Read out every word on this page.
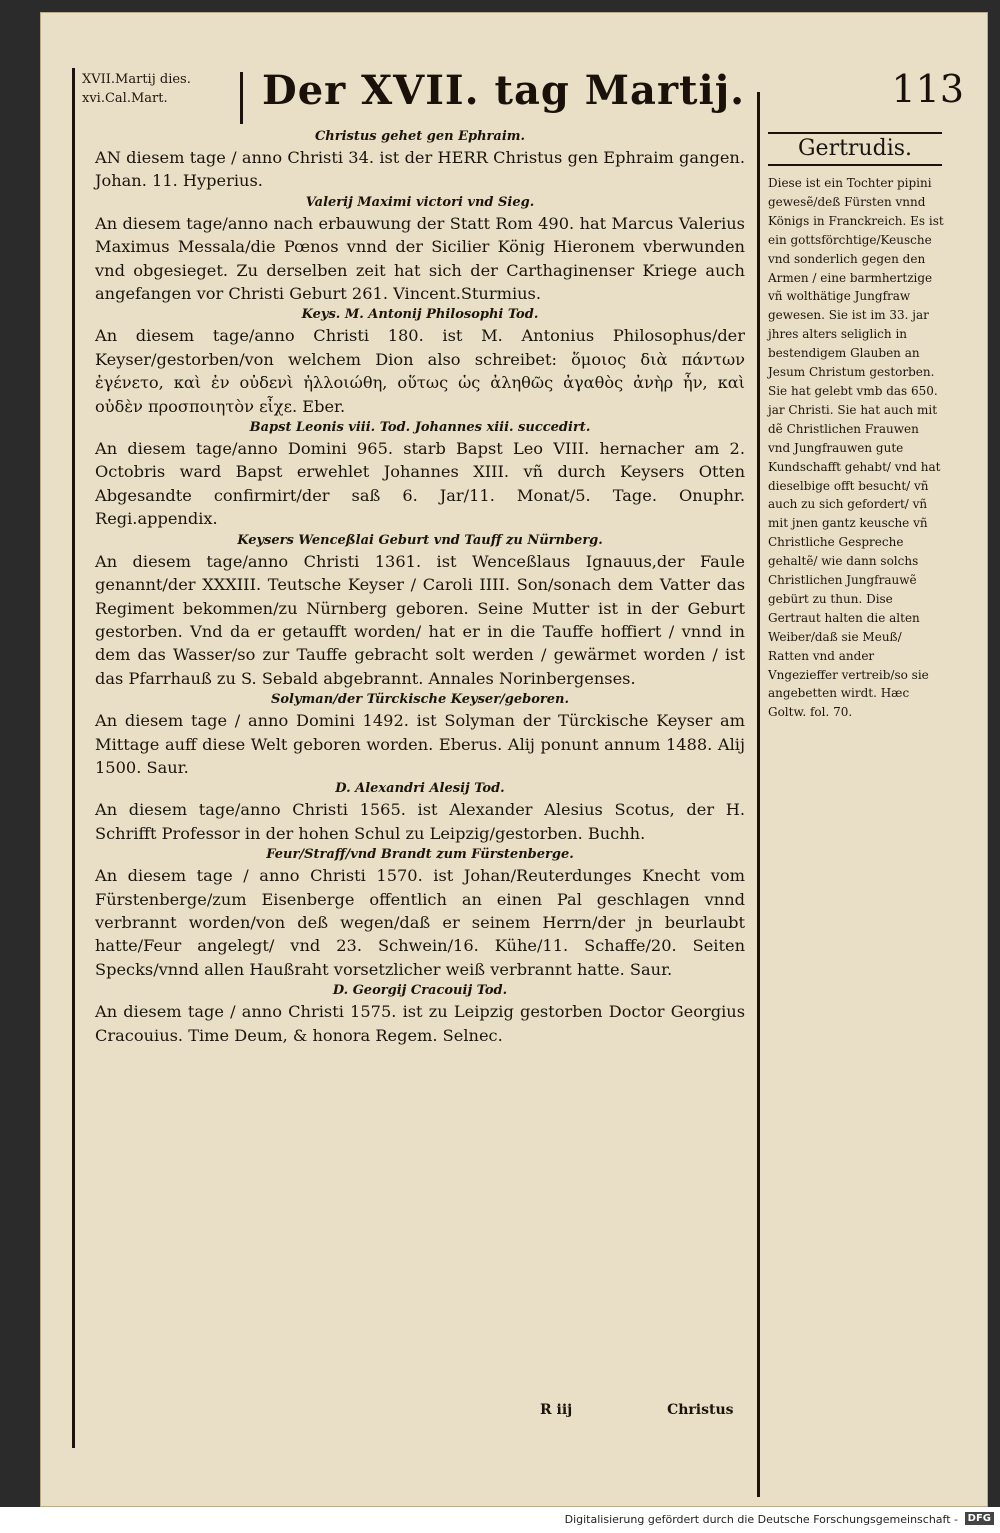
XVII.Martij dies.
xvi.Cal.Mart.	Der XVII. tag Martij.	113
Christus gehet gen Ephraim.
AN diesem tage / anno Christi 34. ist der HERR Christus gen Ephraim gangen. Johan. 11. Hyperius.
Valerij Maximi victori vnd Sieg.
An diesem tage/anno nach erbauwung der Statt Rom 490. hat Marcus Valerius Maximus Messala/die Pœnos vnnd der Sicilier König Hieronem vberwunden vnd obgesieget. Zu derselben zeit hat sich der Carthaginenser Kriege auch angefangen vor Christi Geburt 261. Vincent.Sturmius.
Keys. M. Antonij Philosophi Tod.
An diesem tage/anno Christi 180. ist M. Antonius Philosophus/der Keyser/gestorben/von welchem Dion also schreibet: ὅμοιος διὰ πάντων ἐγένετο, καὶ ἐν οὐδενὶ ἠλλοιώθη, οὕτως ὡς ἀληθῶς ἀγαθὸς ἀνὴρ ἦν, καὶ οὐδὲν προσποιητὸν εἶχε. Eber.
Bapst Leonis viii. Tod. Johannes xiii. succedirt.
An diesem tage/anno Domini 965. starb Bapst Leo VIII. hernacher am 2. Octobris ward Bapst erwehlet Johannes XIII. vñ durch Keysers Otten Abgesandte confirmirt/der saß 6. Jar/11. Monat/5. Tage. Onuphr. Regi.appendix.
Keysers Wenceßlai Geburt vnd Tauff zu Nürnberg.
An diesem tage/anno Christi 1361. ist Wenceßlaus Ignauus,der Faule genannt/der XXXIII. Teutsche Keyser / Caroli IIII. Son/sonach dem Vatter das Regiment bekommen/zu Nürnberg geboren. Seine Mutter ist in der Geburt gestorben. Vnd da er getaufft worden/ hat er in die Tauffe hoffiert / vnnd in dem das Wasser/so zur Tauffe gebracht solt werden / gewärmet worden / ist das Pfarrhauß zu S. Sebald abgebrannt. Annales Norinbergenses.
Solyman/der Türckische Keyser/geboren.
An diesem tage / anno Domini 1492. ist Solyman der Türckische Keyser am Mittage auff diese Welt geboren worden. Eberus. Alij ponunt annum 1488. Alij 1500. Saur.
D. Alexandri Alesij Tod.
An diesem tage/anno Christi 1565. ist Alexander Alesius Scotus, der H. Schrifft Professor in der hohen Schul zu Leipzig/gestorben. Buchh.
Feur/Straff/vnd Brandt zum Fürstenberge.
An diesem tage / anno Christi 1570. ist Johan/Reuterdunges Knecht vom Fürstenberge/zum Eisenberge offentlich an einen Pal geschlagen vnnd verbrannt worden/von deß wegen/daß er seinem Herrn/der jn beurlaubt hatte/Feur angelegt/ vnd 23. Schwein/16. Kühe/11. Schaffe/20. Seiten Specks/vnnd allen Haußraht vorsetzlicher weiß verbrannt hatte. Saur.
D. Georgij Cracouij Tod.
An diesem tage / anno Christi 1575. ist zu Leipzig gestorben Doctor Georgius Cracouius. Time Deum, & honora Regem. Selnec.
Gertrudis.
Diese ist ein Tochter pipini gewesẽ/deß Fürsten vnnd Königs in Franckreich. Es ist ein gottsförchtige/Keusche vnd sonderlich gegen den Armen / eine barmhertzige vñ wolthätige Jungfraw gewesen. Sie ist im 33. jar jhres alters seliglich in bestendigem Glauben an Jesum Christum gestorben. Sie hat gelebt vmb das 650. jar Christi. Sie hat auch mit dẽ Christlichen Frauwen vnd Jungfrauwen gute Kundschafft gehabt/ vnd hat dieselbige offt besucht/ vñ auch zu sich gefordert/ vñ mit jnen gantz keusche vñ Christliche Gespreche gehaltẽ/ wie dann solchs Christlichen Jungfrauwẽ gebürt zu thun. Dise Gertraut halten die alten Weiber/daß sie Meuß/ Ratten vnd ander Vngezieffer vertreib/so sie angebetten wirdt. Hæc Goltw. fol. 70.
R iij	Christus
Digitalisierung gefördert durch die Deutsche Forschungsgemeinschaft - DFG
